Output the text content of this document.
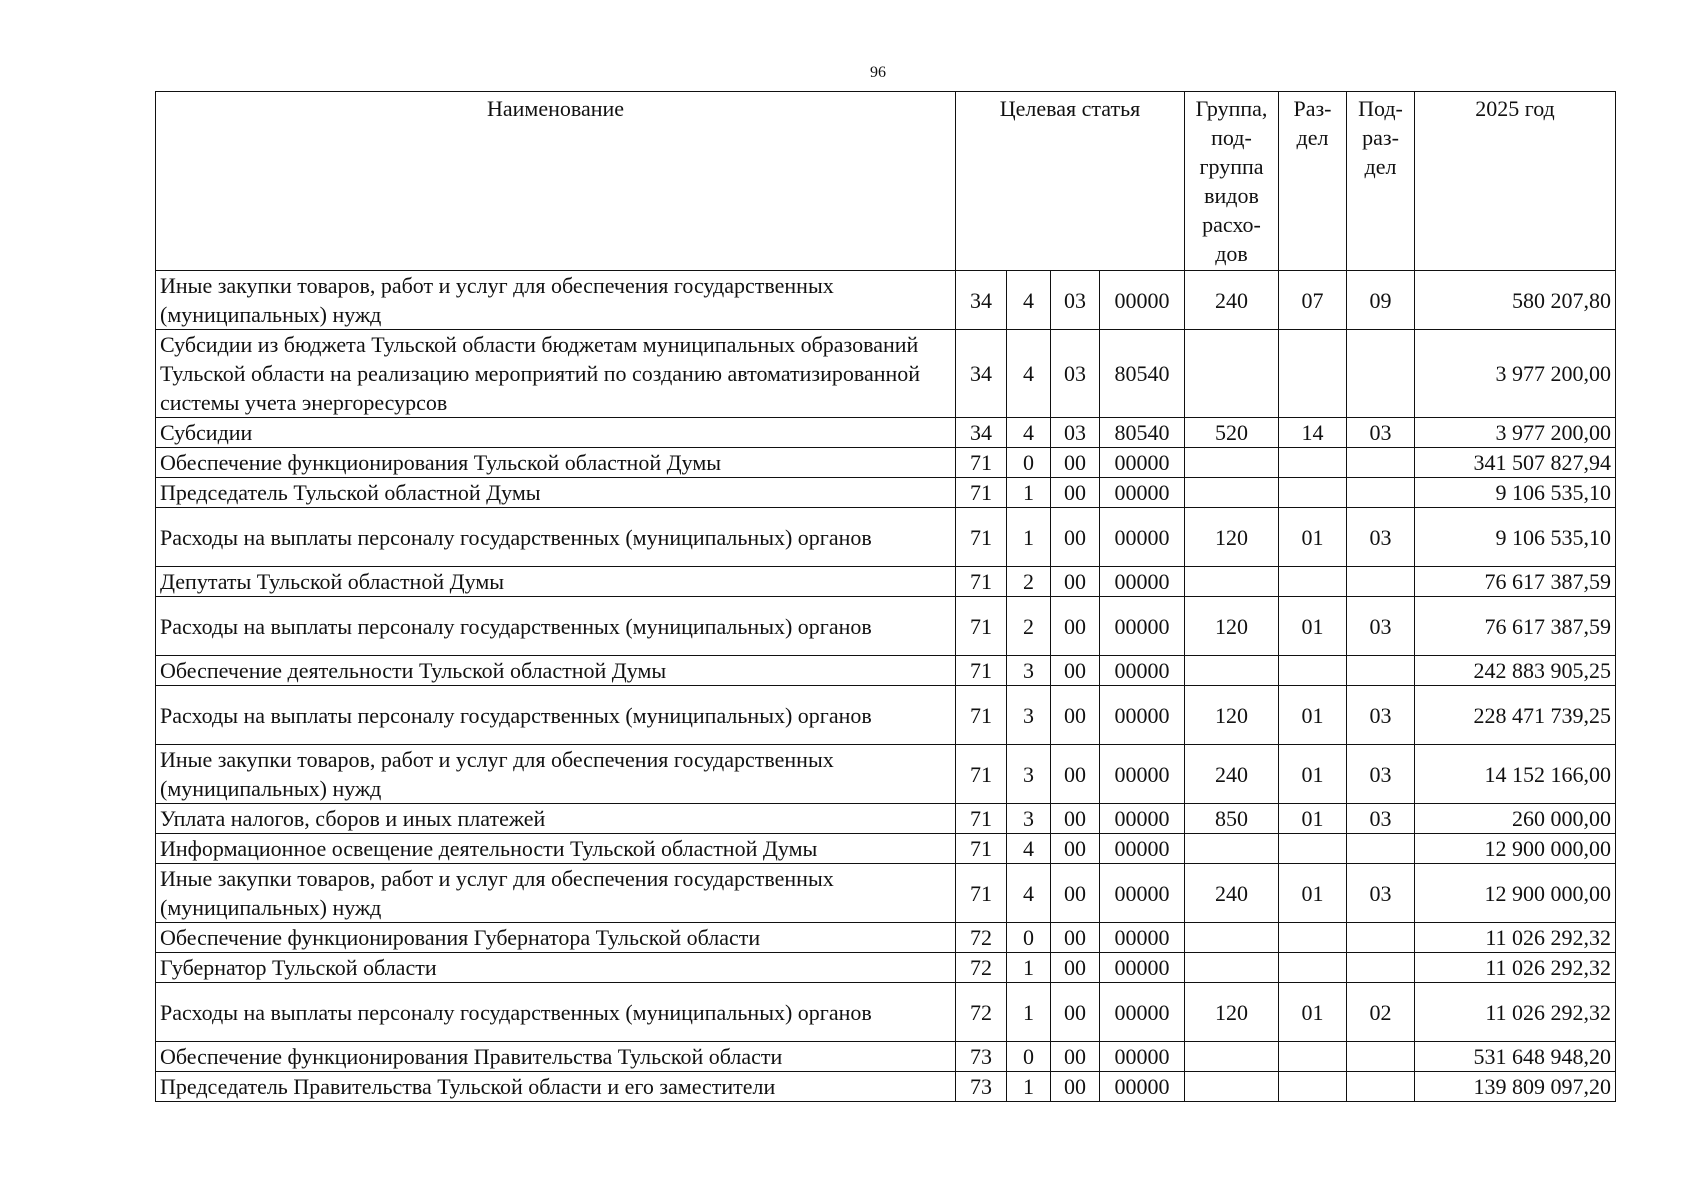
96
Наименование	Целевая статья				Группа, под-группа видов расхо-дов	Раз-дел	Под-раз-дел	2025 год
Иные закупки товаров, работ и услуг для обеспечения государственных (муниципальных) нужд	34	4	03	00000	240	07	09	580 207,80
Субсидии из бюджета Тульской области бюджетам муниципальных образований Тульской области на реализацию мероприятий по созданию автоматизированной системы учета энергоресурсов	34	4	03	80540				3 977 200,00
Субсидии	34	4	03	80540	520	14	03	3 977 200,00
Обеспечение функционирования Тульской областной Думы	71	0	00	00000				341 507 827,94
Председатель Тульской областной Думы	71	1	00	00000				9 106 535,10
Расходы на выплаты персоналу государственных (муниципальных) органов	71	1	00	00000	120	01	03	9 106 535,10
Депутаты Тульской областной Думы	71	2	00	00000				76 617 387,59
Расходы на выплаты персоналу государственных (муниципальных) органов	71	2	00	00000	120	01	03	76 617 387,59
Обеспечение деятельности Тульской областной Думы	71	3	00	00000				242 883 905,25
Расходы на выплаты персоналу государственных (муниципальных) органов	71	3	00	00000	120	01	03	228 471 739,25
Иные закупки товаров, работ и услуг для обеспечения государственных (муниципальных) нужд	71	3	00	00000	240	01	03	14 152 166,00
Уплата налогов, сборов и иных платежей	71	3	00	00000	850	01	03	260 000,00
Информационное освещение деятельности Тульской областной Думы	71	4	00	00000				12 900 000,00
Иные закупки товаров, работ и услуг для обеспечения государственных (муниципальных) нужд	71	4	00	00000	240	01	03	12 900 000,00
Обеспечение функционирования Губернатора Тульской области	72	0	00	00000				11 026 292,32
Губернатор Тульской области	72	1	00	00000				11 026 292,32
Расходы на выплаты персоналу государственных (муниципальных) органов	72	1	00	00000	120	01	02	11 026 292,32
Обеспечение функционирования Правительства Тульской области	73	0	00	00000				531 648 948,20
Председатель Правительства Тульской области и его заместители	73	1	00	00000				139 809 097,20
